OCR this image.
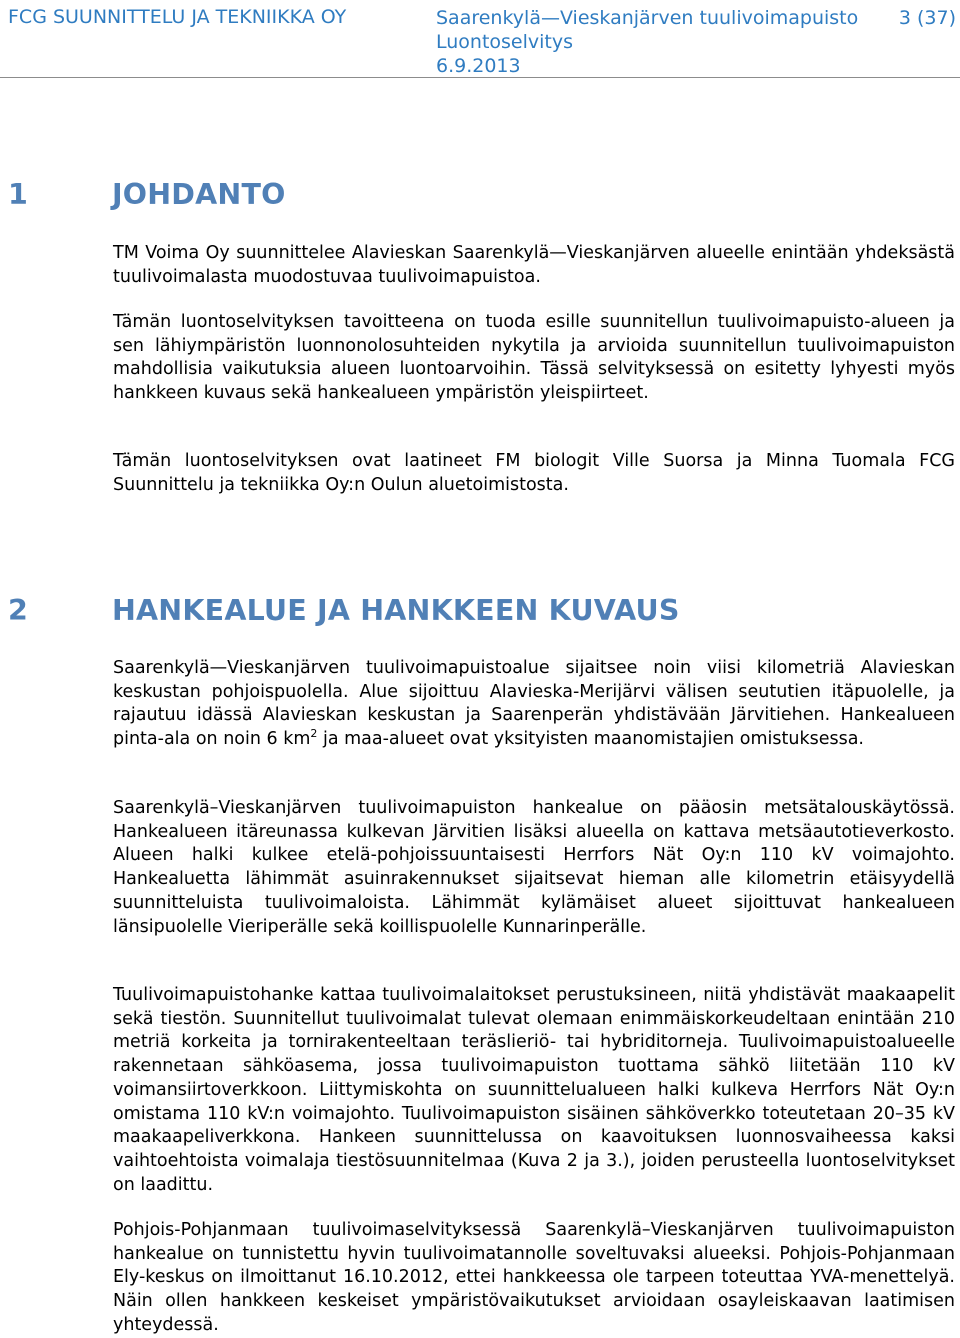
FCG SUUNNITTELU JA TEKNIIKKA OY	Saarenkylä—Vieskanjärven tuulivoimapuisto 3 (37)
Luontoselvitys
6.9.2013
1	JOHDANTO

TM Voima Oy suunnittelee Alavieskan Saarenkylä—Vieskanjärven alueelle enintään yhdeksästä tuulivoimalasta muodostuvaa tuulivoimapuistoa.

Tämän luontoselvityksen tavoitteena on tuoda esille suunnitellun tuulivoimapuisto-alueen ja sen lähiympäristön luonnonolosuhteiden nykytila ja arvioida suunnitellun tuulivoimapuiston mahdollisia vaikutuksia alueen luontoarvoihin. Tässä selvityksessä on esitetty lyhyesti myös hankkeen kuvaus sekä hankealueen ympäristön yleispiirteet.

Tämän luontoselvityksen ovat laatineet FM biologit Ville Suorsa ja Minna Tuomala FCG Suunnittelu ja tekniikka Oy:n Oulun aluetoimistosta.

2	HANKEALUE JA HANKKEEN KUVAUS

Saarenkylä—Vieskanjärven tuulivoimapuistoalue sijaitsee noin viisi kilometriä Alavieskan keskustan pohjoispuolella. Alue sijoittuu Alavieska-Merijärvi välisen seututien itäpuolelle, ja rajautuu idässä Alavieskan keskustan ja Saarenperän yhdistävään Järvitiehen. Hankealueen pinta-ala on noin 6 $km^2$ ja maa-alueet ovat yksityisten maanomistajien omistuksessa.

Saarenkylä–Vieskanjärven tuulivoimapuiston hankealue on pääosin metsätalouskäytössä. Hankealueen itäreunassa kulkevan Järvitien lisäksi alueella on kattava metsäautotieverkosto. Alueen halki kulkee etelä-pohjoissuuntaisesti Herrfors Nät Oy:n 110 kV voimajohto. Hankealuetta lähimmät asuinrakennukset sijaitsevat hieman alle kilometrin etäisyydellä suunnitteluista tuulivoimaloista. Lähimmät kylämäiset alueet sijoittuvat hankealueen länsipuolelle Vieriperälle sekä koillispuolelle Kunnarinperälle.

Tuulivoimapuistohanke kattaa tuulivoimalaitokset perustuksineen, niitä yhdistävät maakaapelit sekä tiestön. Suunnitellut tuulivoimalat tulevat olemaan enimmäiskorkeudeltaan enintään 210 metriä korkeita ja tornirakenteeltaan teräslieriö- tai hybriditorneja. Tuulivoimapuistoalueelle rakennetaan sähköasema, jossa tuulivoimapuiston tuottama sähkö liitetään 110 kV voimansiirtoverkkoon. Liittymiskohta on suunnittelualueen halki kulkeva Herrfors Nät Oy:n omistama 110 kV:n voimajohto. Tuulivoimapuiston sisäinen sähköverkko toteutetaan 20–35 kV maakaapeliverkkona. Hankeen suunnittelussa on kaavoituksen luonnosvaiheessa kaksi vaihtoehtoista voimalaja tiestösuunnitelmaa (Kuva 2 ja 3.), joiden perusteella luontoselvitykset on laadittu.

Pohjois-Pohjanmaan tuulivoimaselvityksessä Saarenkylä–Vieskanjärven tuulivoimapuiston hankealue on tunnistettu hyvin tuulivoimatannolle soveltuvaksi alueeksi. Pohjois-Pohjanmaan Ely-keskus on ilmoittanut 16.10.2012, ettei hankkeessa ole tarpeen toteuttaa YVA-menettelyä. Näin ollen hankkeen keskeiset ympäristövaikutukset arvioidaan osayleiskaavan laatimisen yhteydessä.
